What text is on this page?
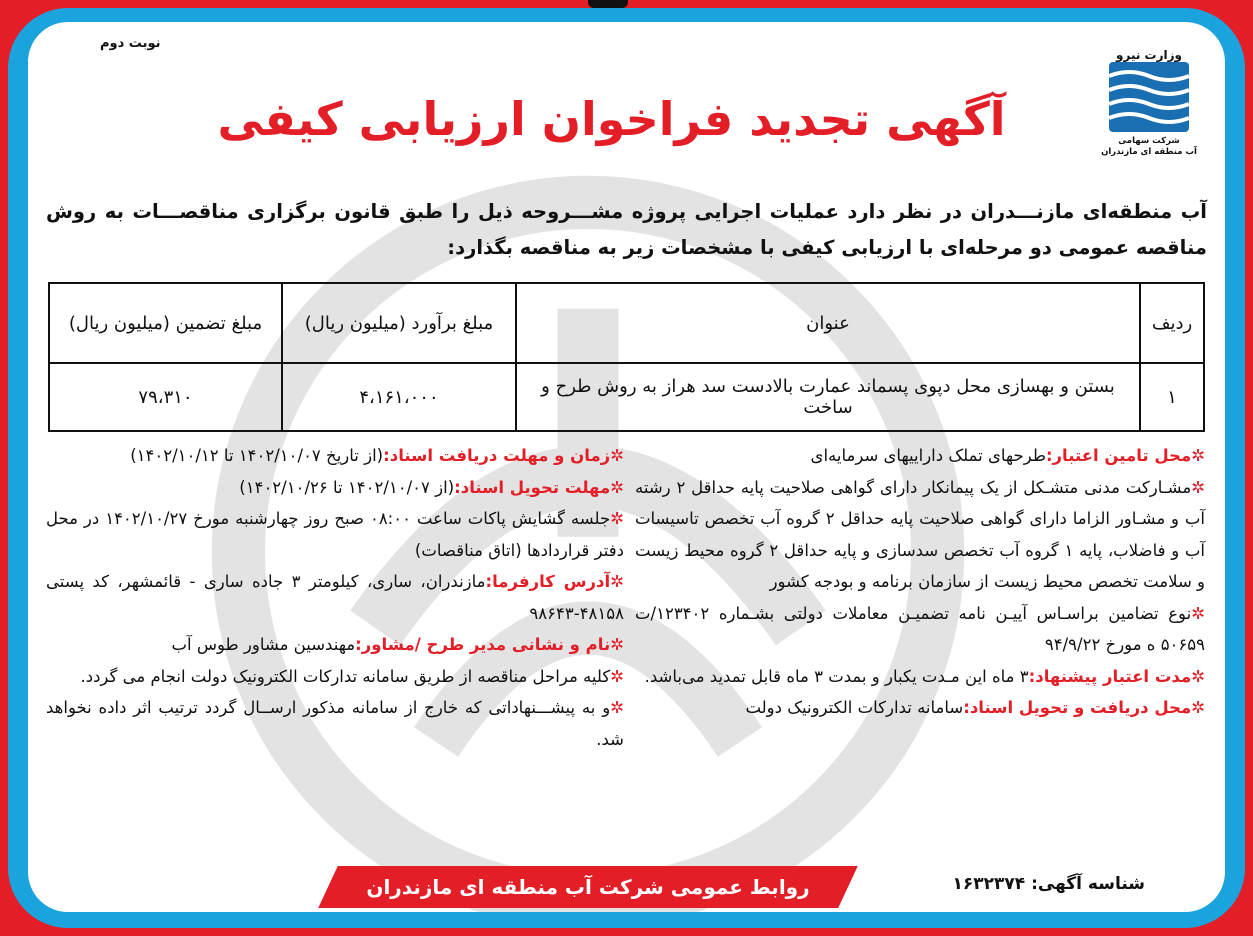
نوبت دوم
وزارت نیرو
شرکت سهامی
آب منطقه ای مازندران
آگهی تجدید فراخوان ارزیابی کیفی
آب منطقه‌ای مازنـــدران در نظر دارد عملیات اجرایی پروژه مشـــروحه ذیل را طبق قانون برگزاری مناقصـــات به روش مناقصه عمومی دو مرحله‌ای با ارزیابی کیفی با مشخصات زیر به مناقصه بگذارد:
ردیف	عنوان	مبلغ برآورد (میلیون ریال)	مبلغ تضمین (میلیون ریال)
۱	بستن و بهسازی محل دپوی پسماند عمارت بالادست سد هراز به روش طرح و ساخت	۴،۱۶۱،۰۰۰	۷۹،۳۱۰

✲محل تامین اعتبار:طرحهای تملک داراییهای سرمایه‌ای

✲مشـارکت مدنی متشـکل از یک پیمانکار دارای گواهی صلاحیت پایه حداقل ۲ رشته آب و مشـاور الزاما دارای گواهی صلاحیت پایه حداقل ۲ گروه آب تخصص تاسیسات آب و فاضلاب، پایه ۱ گروه آب تخصص سدسازی و پایه حداقل ۲ گروه محیط زیست و سلامت تخصص محیط زیست از سازمان برنامه و بودجه کشور

✲نوع تضامین براسـاس آییـن نامه تضمیـن معاملات دولتی بشـماره ۱۲۳۴۰۲/ت ۵۰۶۵۹ ه مورخ ۹۴/۹/۲۲

✲مدت اعتبار پیشنهاد:۳ ماه این مـدت یکبار و بمدت ۳ ماه قابل تمدید می‌باشد.

✲محل دریافت و تحویل اسناد:سامانه تدارکات الکترونیک دولت

✲زمان و مهلت دریافت اسناد:(از تاریخ ۱۴۰۲/۱۰/۰۷ تا ۱۴۰۲/۱۰/۱۲)

✲مهلت تحویل اسناد:(از ۱۴۰۲/۱۰/۰۷ تا ۱۴۰۲/۱۰/۲۶)

✲جلسه گشایش پاکات ساعت ۰۸:۰۰ صبح روز چهارشنبه مورخ ۱۴۰۲/۱۰/۲۷ در محل دفتر قراردادها (اتاق مناقصات)

✲آدرس کارفرما:مازندران، ساری، کیلومتر ۳ جاده ساری - قائمشهر، کد پستی ۴۸۱۵۸-۹۸۶۴۳

✲نام و نشانی مدیر طرح /مشاور:مهندسین مشاور طوس آب

✲کلیه مراحل مناقصه از طریق سامانه تدارکات الکترونیک دولت انجام می گردد.

✲و به پیشـــنهاداتی که خارج از سامانه مذکور ارســال گردد ترتیب اثر داده نخواهد شد.

روابط عمومی شرکت آب منطقه ای مازندران	شناسه آگهی: ۱۶۳۲۳۷۴
